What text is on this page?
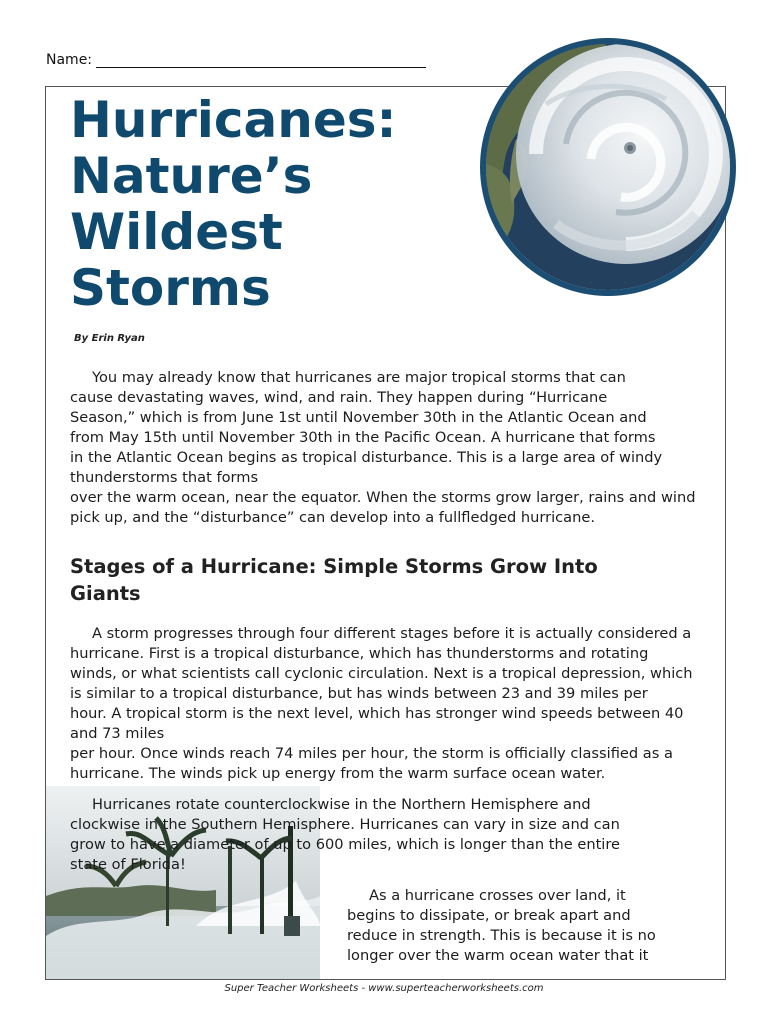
Name:
Hurricanes:
Nature’s
Wildest
Storms
By Erin Ryan

You may already know that hurricanes are major tropical storms that can
cause devastating waves, wind, and rain. They happen during “Hurricane
Season,” which is from June 1st until November 30th in the Atlantic Ocean and
from May 15th until November 30th in the Pacific Ocean. A hurricane that forms
in the Atlantic Ocean begins as tropical disturbance. This is a large area of windy
thunderstorms that forms
over the warm ocean, near the equator. When the storms grow larger, rains and wind
pick up, and the “disturbance” can develop into a fullfledged hurricane.

Stages of a Hurricane: Simple Storms Grow Into
Giants

A storm progresses through four different stages before it is actually considered a
hurricane. First is a tropical disturbance, which has thunderstorms and rotating
winds, or what scientists call cyclonic circulation. Next is a tropical depression, which
is similar to a tropical disturbance, but has winds between 23 and 39 miles per
hour. A tropical storm is the next level, which has stronger wind speeds between 40
and 73 miles
per hour. Once winds reach 74 miles per hour, the storm is officially classified as a
hurricane. The winds pick up energy from the warm surface ocean water.

Hurricanes rotate counterclockwise in the Northern Hemisphere and
clockwise in the Southern Hemisphere. Hurricanes can vary in size and can
grow to have a diameter of up to 600 miles, which is longer than the entire
state of Florida!

As a hurricane crosses over land, it
begins to dissipate, or break apart and
reduce in strength. This is because it is no
longer over the warm ocean water that it

Super Teacher Worksheets - www.superteacherworksheets.com
